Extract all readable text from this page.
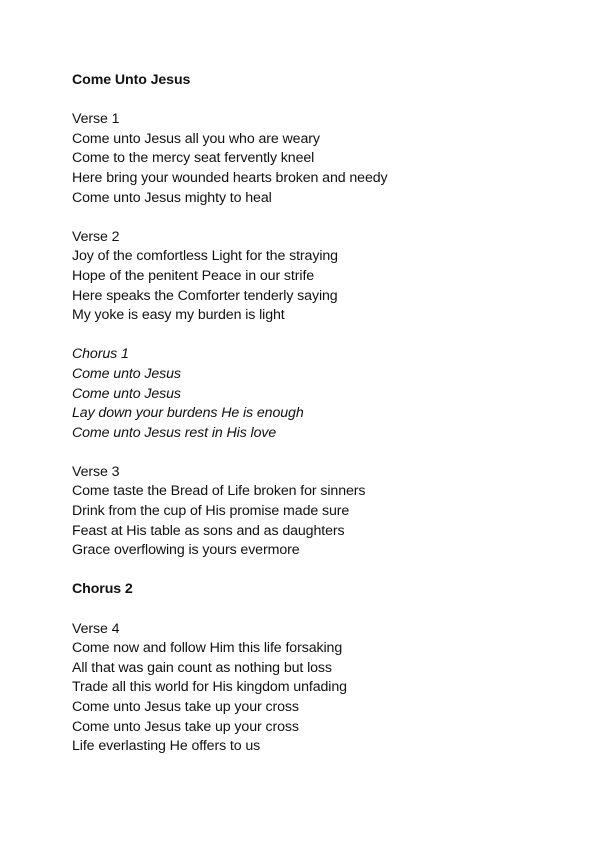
Come Unto Jesus
Verse 1
Come unto Jesus all you who are weary
Come to the mercy seat fervently kneel
Here bring your wounded hearts broken and needy
Come unto Jesus mighty to heal
Verse 2
Joy of the comfortless Light for the straying
Hope of the penitent Peace in our strife
Here speaks the Comforter tenderly saying
My yoke is easy my burden is light
Chorus 1
Come unto Jesus
Come unto Jesus
Lay down your burdens He is enough
Come unto Jesus rest in His love
Verse 3
Come taste the Bread of Life broken for sinners
Drink from the cup of His promise made sure
Feast at His table as sons and as daughters
Grace overflowing is yours evermore
Chorus 2
Verse 4
Come now and follow Him this life forsaking
All that was gain count as nothing but loss
Trade all this world for His kingdom unfading
Come unto Jesus take up your cross
Come unto Jesus take up your cross
Life everlasting He offers to us
